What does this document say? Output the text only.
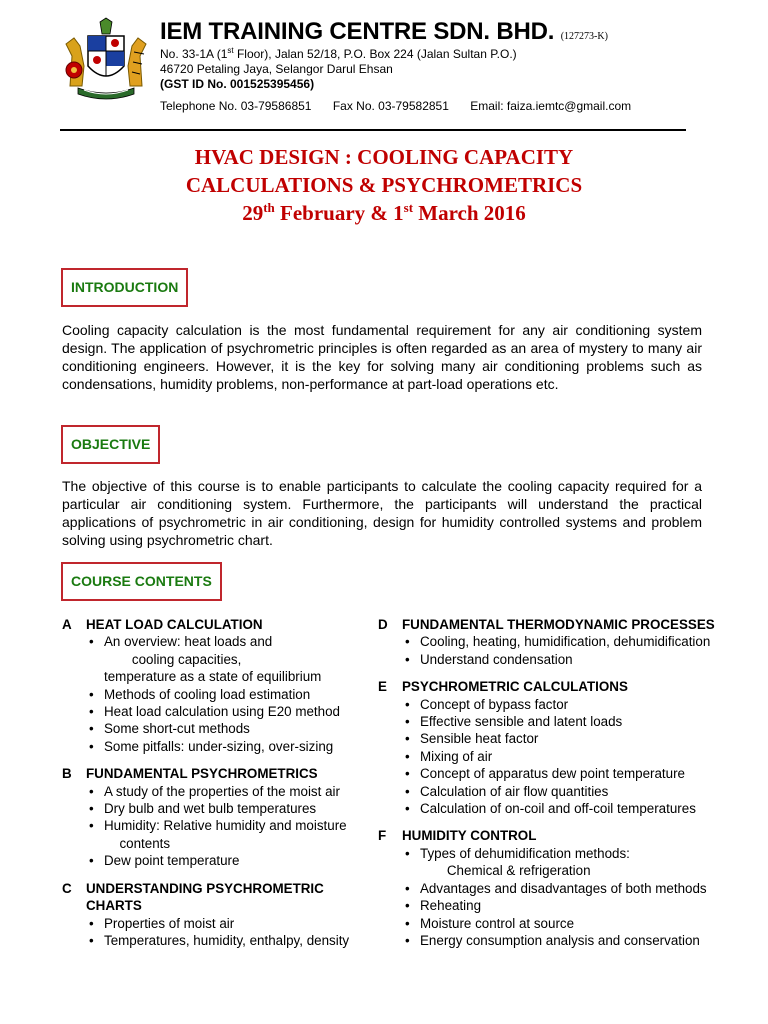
IEM TRAINING CENTRE SDN. BHD. (127273-K)
No. 33-1A (1st Floor), Jalan 52/18, P.O. Box 224 (Jalan Sultan P.O.)
46720 Petaling Jaya, Selangor Darul Ehsan
(GST ID No. 001525395456)
Telephone No. 03-79586851 Fax No. 03-79582851 Email: faiza.iemtc@gmail.com
HVAC DESIGN : COOLING CAPACITY
CALCULATIONS & PSYCHROMETRICS
29th February & 1st March 2016
INTRODUCTION
Cooling capacity calculation is the most fundamental requirement for any air conditioning system design. The application of psychrometric principles is often regarded as an area of mystery to many air conditioning engineers. However, it is the key for solving many air conditioning problems such as condensations, humidity problems, non-performance at part-load operations etc.
OBJECTIVE
The objective of this course is to enable participants to calculate the cooling capacity required for a particular air conditioning system. Furthermore, the participants will understand the practical applications of psychrometric in air conditioning, design for humidity controlled systems and problem solving using psychrometric chart.
COURSE CONTENTS
A HEAT LOAD CALCULATION
• An overview: heat loads and
cooling capacities,
temperature as a state of equilibrium
• Methods of cooling load estimation
• Heat load calculation using E20 method
• Some short-cut methods
• Some pitfalls: under-sizing, over-sizing
B FUNDAMENTAL PSYCHROMETRICS
• A study of the properties of the moist air
• Dry bulb and wet bulb temperatures
• Humidity: Relative humidity and moisture
contents
• Dew point temperature
C UNDERSTANDING PSYCHROMETRIC
CHARTS
• Properties of moist air
• Temperatures, humidity, enthalpy, density
D FUNDAMENTAL THERMODYNAMIC PROCESSES
• Cooling, heating, humidification, dehumidification
• Understand condensation
E PSYCHROMETRIC CALCULATIONS
• Concept of bypass factor
• Effective sensible and latent loads
• Sensible heat factor
• Mixing of air
• Concept of apparatus dew point temperature
• Calculation of air flow quantities
• Calculation of on-coil and off-coil temperatures
F HUMIDITY CONTROL
• Types of dehumidification methods:
Chemical & refrigeration
• Advantages and disadvantages of both methods
• Reheating
• Moisture control at source
• Energy consumption analysis and conservation
